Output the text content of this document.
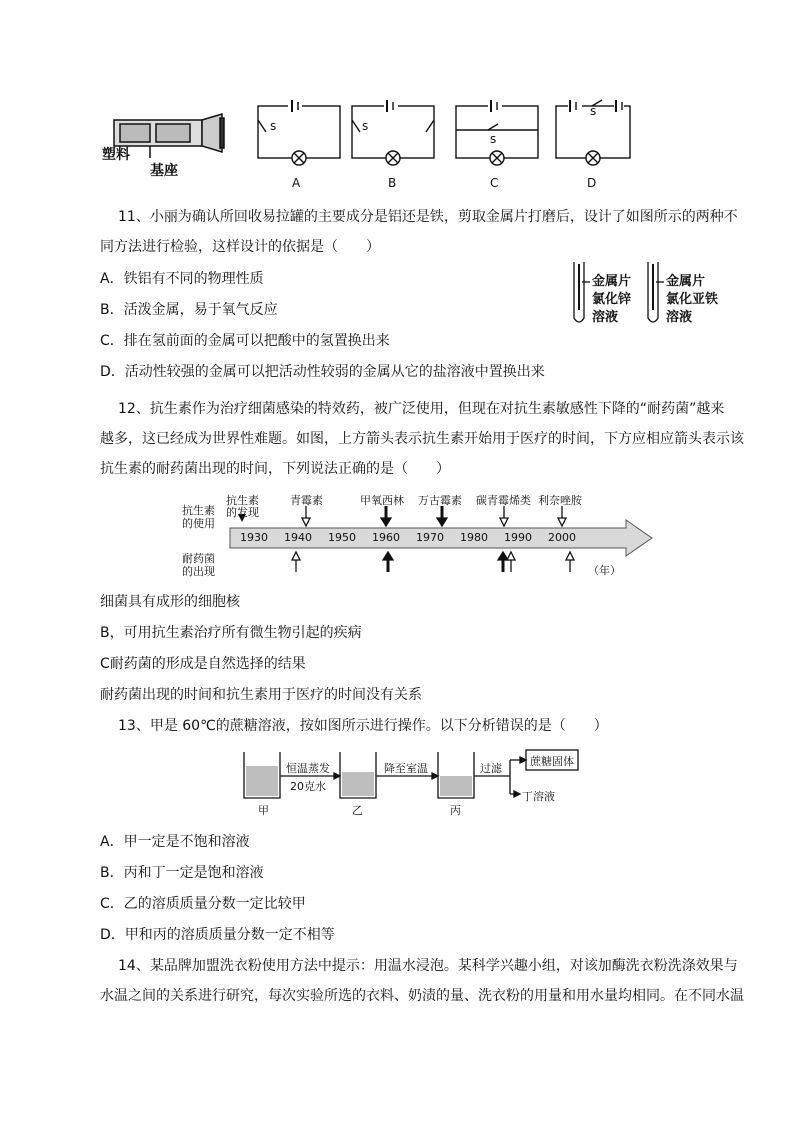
塑料
基座
s	s
s
s
A	B	C	D
11、小丽为确认所回收易拉罐的主要成分是铝还是铁，剪取金属片打磨后，设计了如图所示的两种不
同方法进行检验，这样设计的依据是（　　）
A．铁铝有不同的物理性质
B．活泼金属，易于氧气反应
C．排在氢前面的金属可以把酸中的氢置换出来
D．活动性较强的金属可以把活动性较弱的金属从它的盐溶液中置换出来
金属片
氯化锌
溶液
金属片
氯化亚铁
溶液
12、抗生素作为治疗细菌感染的特效药，被广泛使用，但现在对抗生素敏感性下降的“耐药菌”越来
越多，这已经成为世界性难题。如图，上方箭头表示抗生素开始用于医疗的时间，下方应相应箭头表示该
抗生素的耐药菌出现的时间，下列说法正确的是（　　）
抗生素
的使用
耐药菌
的出现
抗生素
的发现
青霉素	甲氧西林 万古霉素 碳青霉烯类 利奈唑胺
1930 1940 1950 1960 1970 1980 1990 2000
（年）
细菌具有成形的细胞核
B，可用抗生素治疗所有微生物引起的疾病
C耐药菌的形成是自然选择的结果
耐药菌出现的时间和抗生素用于医疗的时间没有关系
13、甲是 60℃的蔗糖溶液，按如图所示进行操作。以下分析错误的是（　　）
恒温蒸发
20克水
降至室温	过滤
蔗糖固体
丁溶液
甲	乙	丙
A．甲一定是不饱和溶液
B．丙和丁一定是饱和溶液
C．乙的溶质质量分数一定比较甲
D．甲和丙的溶质质量分数一定不相等
14、某品牌加盟洗衣粉使用方法中提示：用温水浸泡。某科学兴趣小组，对该加酶洗衣粉洗涤效果与
水温之间的关系进行研究，每次实验所选的衣料、奶渍的量、洗衣粉的用量和用水量均相同。在不同水温
